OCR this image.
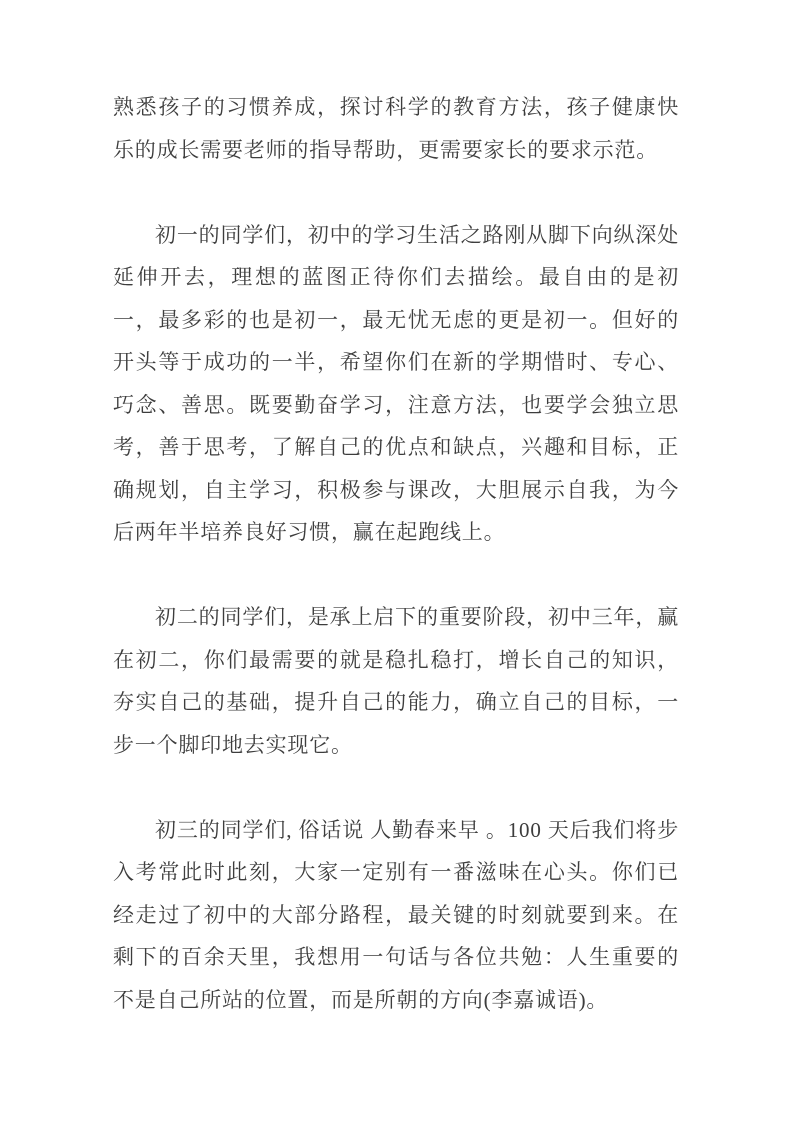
熟悉孩子的习惯养成，探讨科学的教育方法，孩子健康快乐的成长需要老师的指导帮助，更需要家长的要求示范。

初一的同学们，初中的学习生活之路刚从脚下向纵深处延伸开去，理想的蓝图正待你们去描绘。最自由的是初一，最多彩的也是初一，最无忧无虑的更是初一。但好的开头等于成功的一半，希望你们在新的学期惜时、专心、巧念、善思。既要勤奋学习，注意方法，也要学会独立思考，善于思考，了解自己的优点和缺点，兴趣和目标，正确规划，自主学习，积极参与课改，大胆展示自我，为今后两年半培养良好习惯，赢在起跑线上。

初二的同学们，是承上启下的重要阶段，初中三年，赢在初二，你们最需要的就是稳扎稳打，增长自己的知识，夯实自己的基础，提升自己的能力，确立自己的目标，一步一个脚印地去实现它。

初三的同学们, 俗话说 人勤春来早 。100 天后我们将步入考常此时此刻，大家一定别有一番滋味在心头。你们已经走过了初中的大部分路程，最关键的时刻就要到来。在剩下的百余天里，我想用一句话与各位共勉：人生重要的不是自己所站的位置，而是所朝的方向(李嘉诚语)。
